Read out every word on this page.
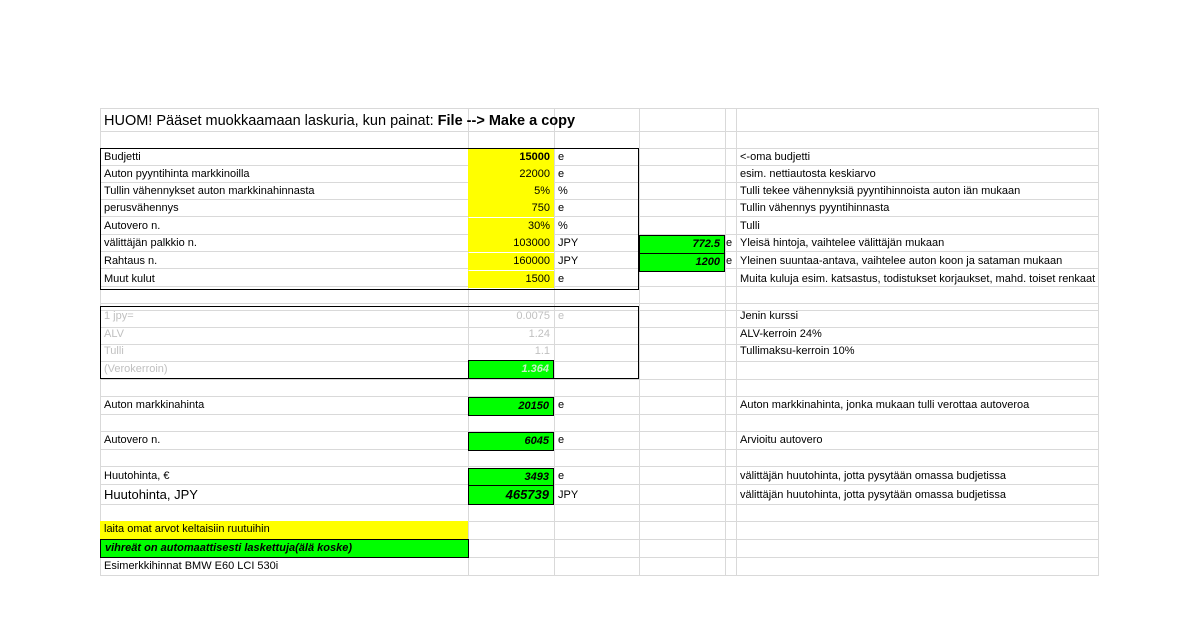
HUOM! Pääset muokkaamaan laskuria, kun painat: File --> Make a copy
Budjetti	15000 e	<-oma budjetti
Auton pyyntihinta markkinoilla	22000 e	esim. nettiautosta keskiarvo
Tullin vähennykset auton markkinahinnasta	5% %	Tulli tekee vähennyksiä pyyntihinnoista auton iän mukaan
perusvähennys	750 e	Tullin vähennys pyyntihinnasta
Autovero n.	30% %	Tulli
välittäjän palkkio n.	103000 JPY	772.5 e Yleisä hintoja, vaihtelee välittäjän mukaan
Rahtaus n.	160000 JPY	1200 e Yleinen suuntaa-antava, vaihtelee auton koon ja sataman mukaan
Muut kulut	1500 e	Muita kuluja esim. katsastus, todistukset korjaukset, mahd. toiset renkaat
1 jpy=	0.0075 e	Jenin kurssi
ALV	1.24	ALV-kerroin 24%
Tulli	1.1	Tullimaksu-kerroin 10%
(Verokerroin)	1.364
Auton markkinahinta	20150 e	Auton markkinahinta, jonka mukaan tulli verottaa autoveroa
Autovero n.	6045 e	Arvioitu autovero
Huutohinta, €	3493 e	välittäjän huutohinta, jotta pysytään omassa budjetissa
Huutohinta, JPY	465739 JPY	välittäjän huutohinta, jotta pysytään omassa budjetissa
laita omat arvot keltaisiin ruutuihin
vihreät on automaattisesti laskettuja(älä koske)
Esimerkkihinnat BMW E60 LCI 530i
